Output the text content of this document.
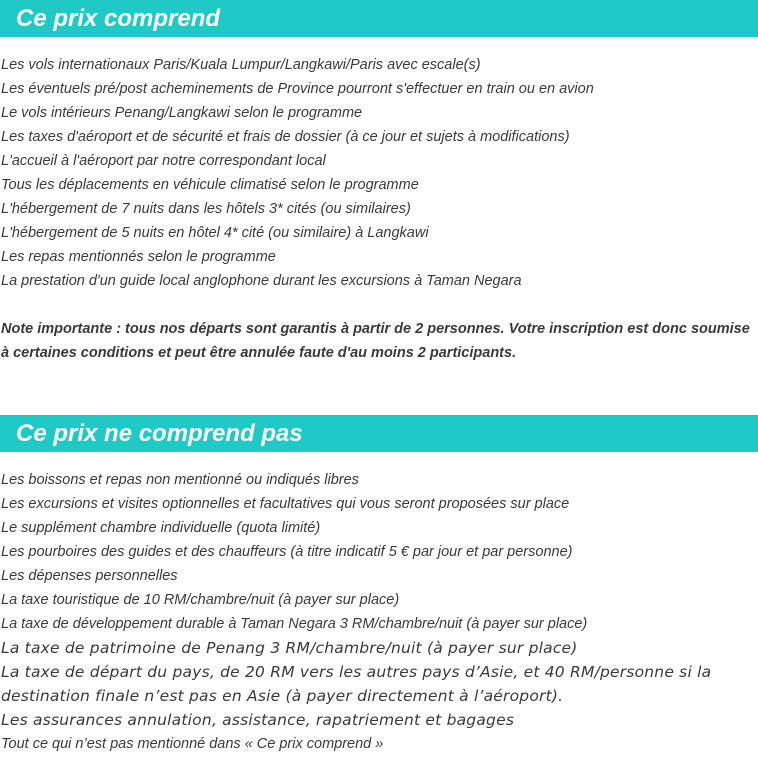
Ce prix comprend
Les vols internationaux Paris/Kuala Lumpur/Langkawi/Paris avec escale(s)
Les éventuels pré/post acheminements de Province pourront s'effectuer en train ou en avion
Le vols intérieurs Penang/Langkawi selon le programme
Les taxes d'aéroport et de sécurité et frais de dossier (à ce jour et sujets à modifications)
L'accueil à l'aéroport par notre correspondant local
Tous les déplacements en véhicule climatisé selon le programme
L'hébergement de 7 nuits dans les hôtels 3* cités (ou similaires)
L'hébergement de 5 nuits en hôtel 4* cité (ou similaire) à Langkawi
Les repas mentionnés selon le programme
La prestation d'un guide local anglophone durant les excursions à Taman Negara
Note importante : tous nos départs sont garantis à partir de 2 personnes. Votre inscription est donc soumise à certaines conditions et peut être annulée faute d'au moins 2 participants.
Ce prix ne comprend pas
Les boissons et repas non mentionné ou indiqués libres
Les excursions et visites optionnelles et facultatives qui vous seront proposées sur place
Le supplément chambre individuelle (quota limité)
Les pourboires des guides et des chauffeurs (à titre indicatif 5 € par jour et par personne)
Les dépenses personnelles
La taxe touristique de 10 RM/chambre/nuit (à payer sur place)
La taxe de développement durable à Taman Negara 3 RM/chambre/nuit (à payer sur place)
La taxe de patrimoine de Penang 3 RM/chambre/nuit (à payer sur place)
La taxe de départ du pays, de 20 RM vers les autres pays d’Asie, et 40 RM/personne si la
destination finale n’est pas en Asie (à payer directement à l’aéroport).
Les assurances annulation, assistance, rapatriement et bagages
Tout ce qui n’est pas mentionné dans « Ce prix comprend »
